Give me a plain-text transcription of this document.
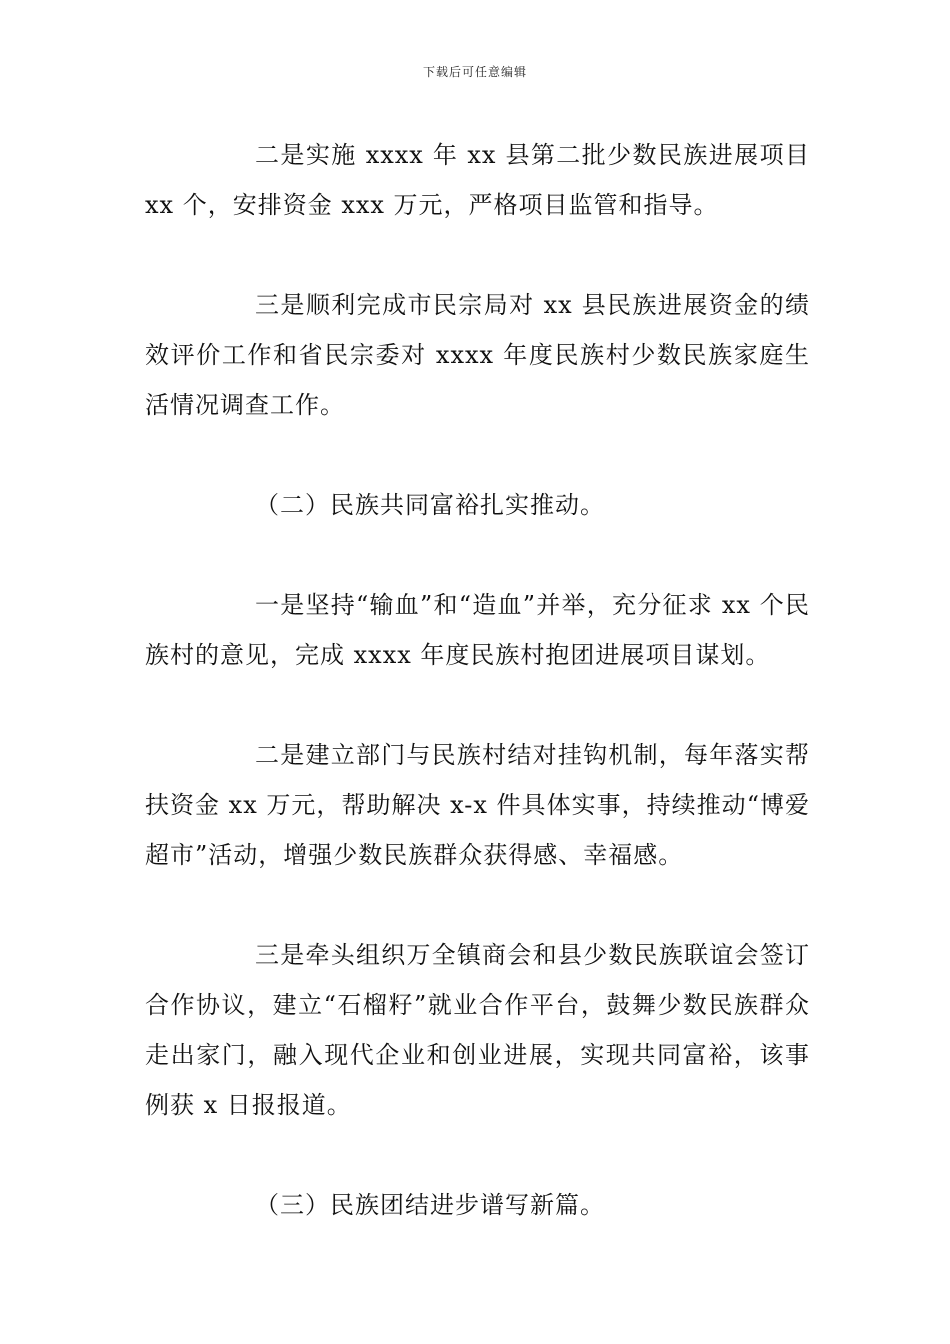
下载后可任意编辑

二是实施 xxxx 年 xx 县第二批少数民族进展项目 xx 个，安排资金 xxx 万元，严格项目监管和指导。

三是顺利完成市民宗局对 xx 县民族进展资金的绩效评价工作和省民宗委对 xxxx 年度民族村少数民族家庭生活情况调查工作。

（二）民族共同富裕扎实推动。

一是坚持“输血”和“造血”并举，充分征求 xx 个民族村的意见，完成 xxxx 年度民族村抱团进展项目谋划。

二是建立部门与民族村结对挂钩机制，每年落实帮扶资金 xx 万元，帮助解决 x-x 件具体实事，持续推动“博爱超市”活动，增强少数民族群众获得感、幸福感。

三是牵头组织万全镇商会和县少数民族联谊会签订合作协议，建立“石榴籽”就业合作平台，鼓舞少数民族群众走出家门，融入现代企业和创业进展，实现共同富裕，该事例获 x 日报报道。

（三）民族团结进步谱写新篇。
